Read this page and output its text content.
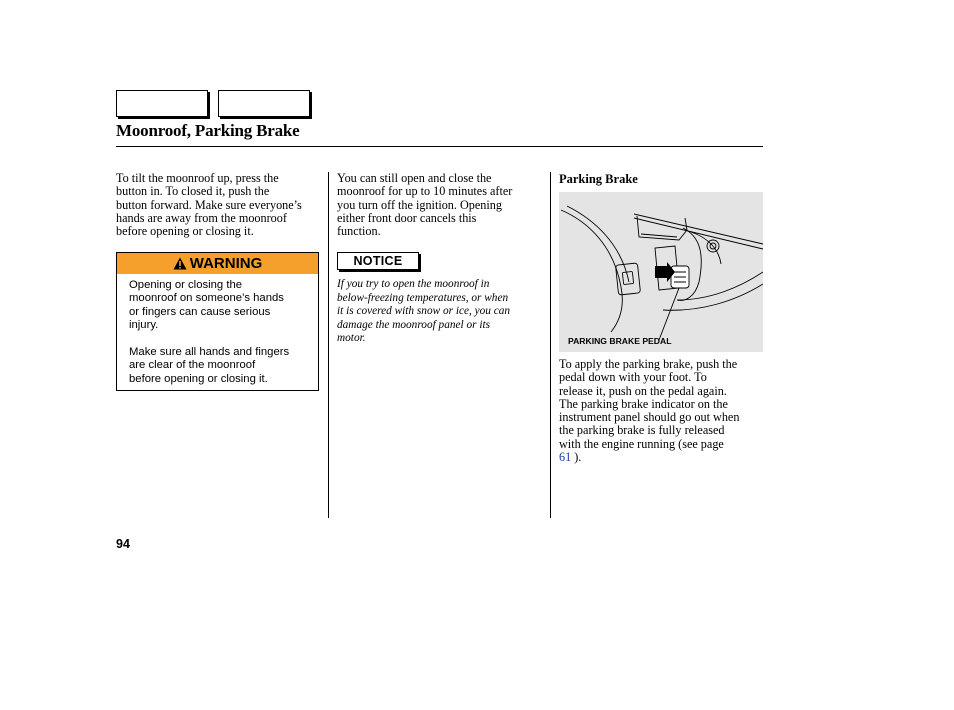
Moonroof, Parking Brake
To tilt the moonroof up, press the
button in. To closed it, push the
button forward. Make sure everyone’s
hands are away from the moonroof
before opening or closing it.
WARNING
Opening or closing the
moonroof on someone’s hands
or fingers can cause serious
injury.
Make sure all hands and fingers
are clear of the moonroof
before opening or closing it.
You can still open and close the
moonroof for up to 10 minutes after
you turn off the ignition. Opening
either front door cancels this
function.
NOTICE
If you try to open the moonroof in
below-freezing temperatures, or when
it is covered with snow or ice, you can
damage the moonroof panel or its
motor.
Parking Brake
PARKING BRAKE PEDAL
To apply the parking brake, push the
pedal down with your foot. To
release it, push on the pedal again.
The parking brake indicator on the
instrument panel should go out when
the parking brake is fully released
with the engine running (see page
61 ).
94
